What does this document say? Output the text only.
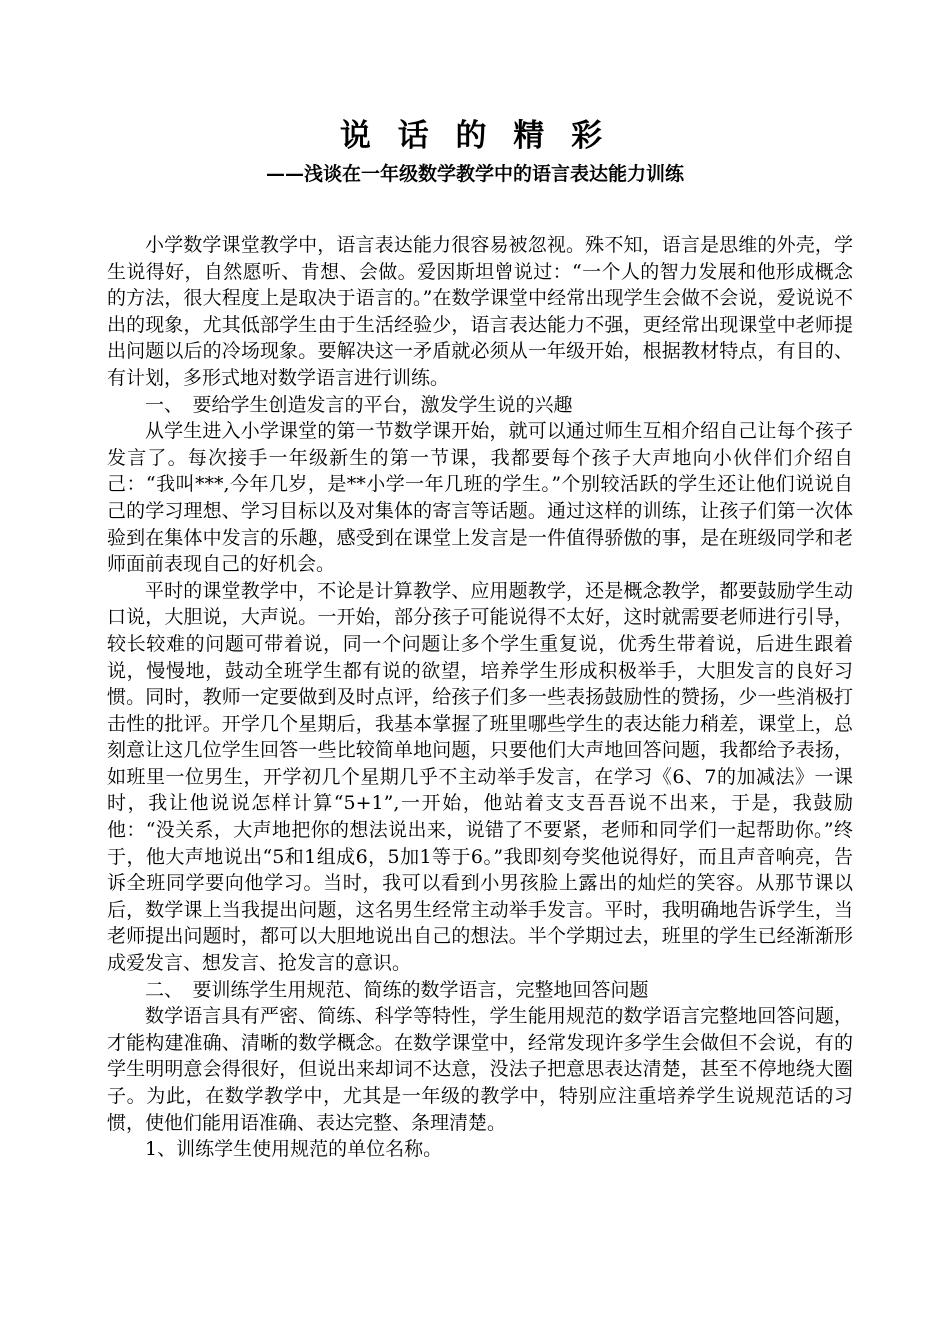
说 话 的 精 彩
——浅谈在一年级数学教学中的语言表达能力训练

小学数学课堂教学中，语言表达能力很容易被忽视。殊不知，语言是思维的外壳，学生说得好，自然愿听、肯想、会做。爱因斯坦曾说过：“一个人的智力发展和他形成概念的方法，很大程度上是取决于语言的。”在数学课堂中经常出现学生会做不会说，爱说说不出的现象，尤其低部学生由于生活经验少，语言表达能力不强，更经常出现课堂中老师提出问题以后的冷场现象。要解决这一矛盾就必须从一年级开始，根据教材特点，有目的、有计划，多形式地对数学语言进行训练。

一、　要给学生创造发言的平台，激发学生说的兴趣

从学生进入小学课堂的第一节数学课开始，就可以通过师生互相介绍自己让每个孩子发言了。每次接手一年级新生的第一节课，我都要每个孩子大声地向小伙伴们介绍自己：“我叫***,今年几岁，是**小学一年几班的学生。”个别较活跃的学生还让他们说说自己的学习理想、学习目标以及对集体的寄言等话题。通过这样的训练，让孩子们第一次体验到在集体中发言的乐趣，感受到在课堂上发言是一件值得骄傲的事，是在班级同学和老师面前表现自己的好机会。

平时的课堂教学中，不论是计算教学、应用题教学，还是概念教学，都要鼓励学生动口说，大胆说，大声说。一开始，部分孩子可能说得不太好，这时就需要老师进行引导，较长较难的问题可带着说，同一个问题让多个学生重复说，优秀生带着说，后进生跟着说，慢慢地，鼓动全班学生都有说的欲望，培养学生形成积极举手，大胆发言的良好习惯。同时，教师一定要做到及时点评，给孩子们多一些表扬鼓励性的赞扬，少一些消极打击性的批评。开学几个星期后，我基本掌握了班里哪些学生的表达能力稍差，课堂上，总刻意让这几位学生回答一些比较简单地问题，只要他们大声地回答问题，我都给予表扬，如班里一位男生，开学初几个星期几乎不主动举手发言，在学习《6、7的加减法》一课时，我让他说说怎样计算“5+1”,一开始，他站着支支吾吾说不出来，于是，我鼓励他：“没关系，大声地把你的想法说出来，说错了不要紧，老师和同学们一起帮助你。”终于，他大声地说出“5和1组成6，5加1等于6。”我即刻夸奖他说得好，而且声音响亮，告诉全班同学要向他学习。当时，我可以看到小男孩脸上露出的灿烂的笑容。从那节课以后，数学课上当我提出问题，这名男生经常主动举手发言。平时，我明确地告诉学生，当老师提出问题时，都可以大胆地说出自己的想法。半个学期过去，班里的学生已经渐渐形成爱发言、想发言、抢发言的意识。

二、　要训练学生用规范、简练的数学语言，完整地回答问题

数学语言具有严密、简练、科学等特性，学生能用规范的数学语言完整地回答问题，才能构建准确、清晰的数学概念。在数学课堂中，经常发现许多学生会做但不会说，有的学生明明意会得很好，但说出来却词不达意，没法子把意思表达清楚，甚至不停地绕大圈子。为此，在数学教学中，尤其是一年级的教学中，特别应注重培养学生说规范话的习惯，使他们能用语准确、表达完整、条理清楚。

1、训练学生使用规范的单位名称。
